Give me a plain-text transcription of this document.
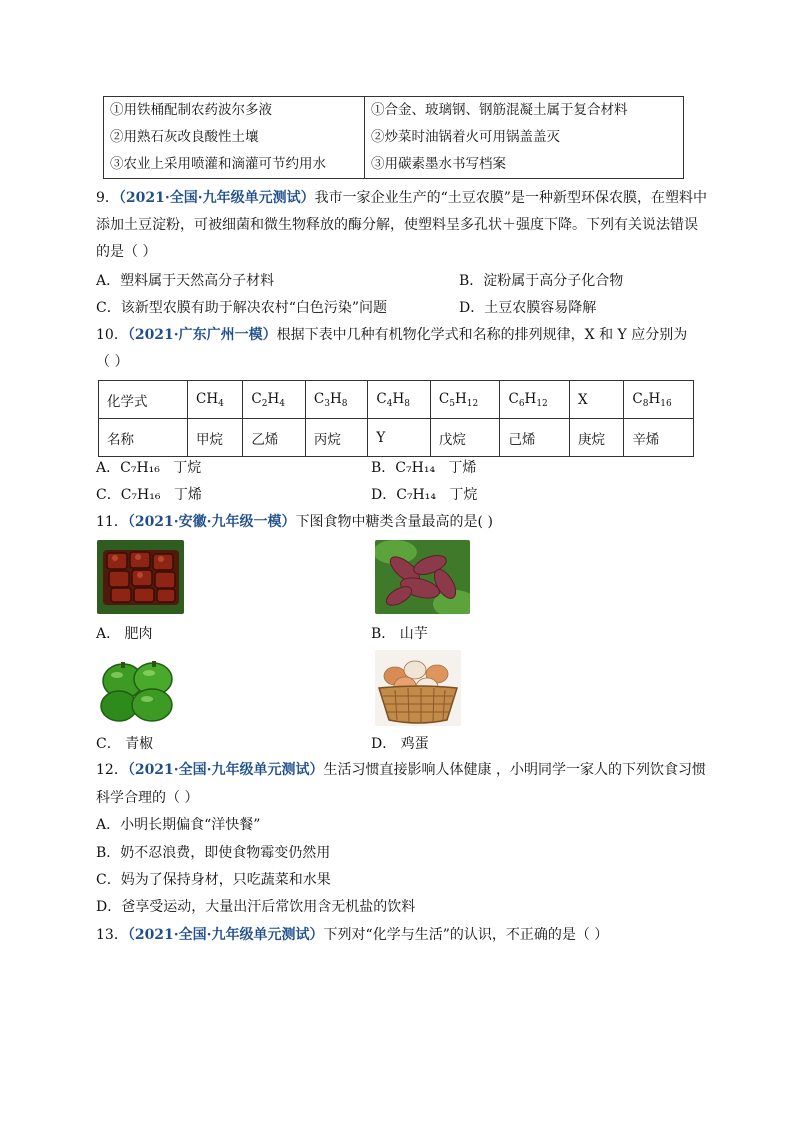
①用铁桶配制农药波尔多液	①合金、玻璃钢、钢筋混凝土属于复合材料
②用熟石灰改良酸性土壤	②炒菜时油锅着火可用锅盖盖灭
③农业上采用喷灌和滴灌可节约用水	③用碳素墨水书写档案
9．（2021·全国·九年级单元测试）我市一家企业生产的“土豆农膜”是一种新型环保农膜，在塑料中
添加土豆淀粉，可被细菌和微生物释放的酶分解，使塑料呈多孔状＋强度下降。下列有关说法错误
的是（ ）
A．塑料属于天然高分子材料	B．淀粉属于高分子化合物
C．该新型农膜有助于解决农村“白色污染”问题	D．土豆农膜容易降解
10．（2021·广东广州一模）根据下表中几种有机物化学式和名称的排列规律，X 和 Y 应分别为
（ ）
化学式	$CH_4$	$C_2H_4$	$C_3H_8$	$C_4H_8$	$C_5H_{12}$	$C_6H_{12}$	X	$C_8H_{16}$
名称	甲烷	乙烯	丙烷	Y	戊烷	己烯	庚烷	辛烯
A．C₇H₁₆ 丁烷	B．C₇H₁₄ 丁烯
C．C₇H₁₆ 丁烯	D．C₇H₁₄ 丁烷
11．（2021·安徽·九年级一模）下图食物中糖类含量最高的是( )
A． 肥肉	B． 山芋
C． 青椒	D． 鸡蛋
12．（2021·全国·九年级单元测试）生活习惯直接影响人体健康 ，小明同学一家人的下列饮食习惯
科学合理的（ ）
A．小明长期偏食“洋快餐”
B．奶不忍浪费，即使食物霉变仍然用
C．妈为了保持身材，只吃蔬菜和水果
D．爸享受运动，大量出汗后常饮用含无机盐的饮料
13．（2021·全国·九年级单元测试）下列对“化学与生活”的认识，不正确的是（ ）
